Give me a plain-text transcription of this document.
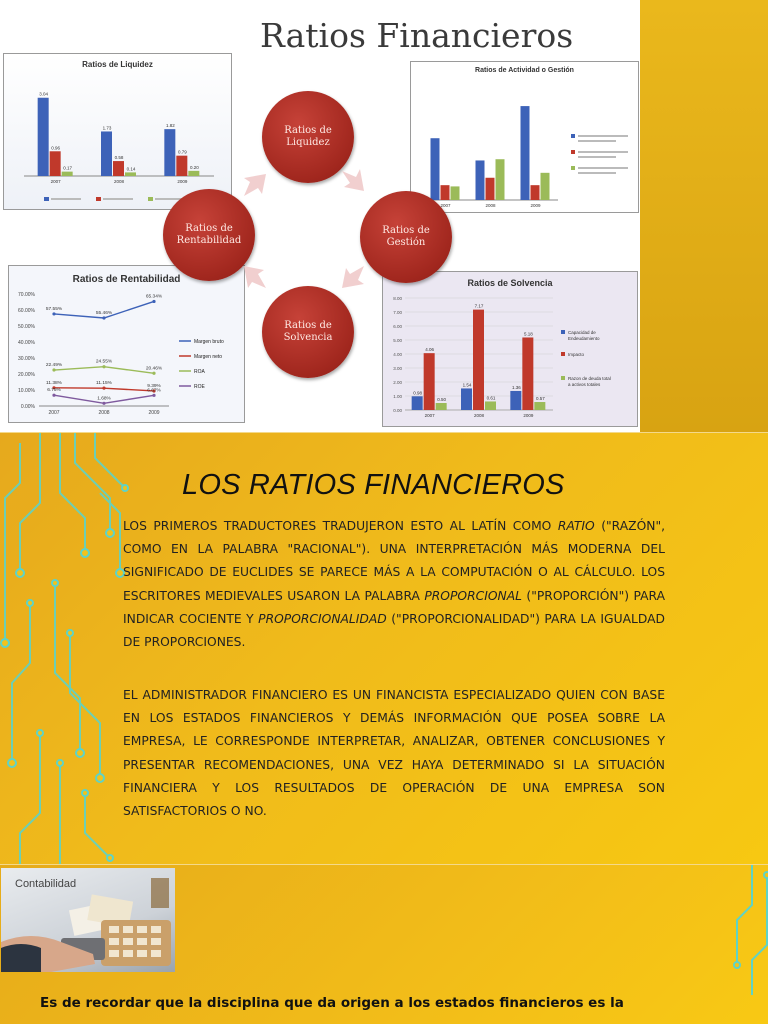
Ratios Financieros
Ratios de Liquidez
3.04
0.96
0.17
2007
1.73
0.58
0.14
2008
1.82
0.79
0.20
2009
Ratios de Actividad o Gestión
2007	2008	2009
Ratios de Rentabilidad
70.00%
60.00%
50.00%
40.00%
30.00%
20.00%
10.00%
0.00%
2007	2008	2009
57.55%
55.46%
65.34%
Margen bruto
11.38%	11.15%
9.39%
Margen neto
22.49%
24.55%
20.46%
ROA
6.75%
1.68%
6.67%
ROE
Ratios de Solvencia
8.00
7.00
6.00
5.00
4.00
3.00
2.00
1.00
0.00
0.98
4.06
0.50
2007
1.54
7.17
0.61
2008
1.36
5.18
0.57
2009
Capacidad de
Endeudamiento
Impacto
Razon de deuda total
a activos totales
Ratios de
Liquidez
Ratios de
Gestión
Ratios de
Solvencia
Ratios de
Rentabilidad
LOS RATIOS FINANCIEROS

LOS PRIMEROS TRADUCTORES TRADUJERON ESTO AL LATÍN COMO RATIO ("RAZÓN", COMO EN LA PALABRA "RACIONAL"). UNA INTERPRETACIÓN MÁS MODERNA DEL SIGNIFICADO DE EUCLIDES SE PARECE MÁS A LA COMPUTACIÓN O AL CÁLCULO. LOS ESCRITORES MEDIEVALES USARON LA PALABRA PROPORCIONAL ("PROPORCIÓN") PARA INDICAR COCIENTE Y PROPORCIONALIDAD ("PROPORCIONALIDAD") PARA LA IGUALDAD DE PROPORCIONES.

EL ADMINISTRADOR FINANCIERO ES UN FINANCISTA ESPECIALIZADO QUIEN CON BASE EN LOS ESTADOS FINANCIEROS Y DEMÁS INFORMACIÓN QUE POSEA SOBRE LA EMPRESA, LE CORRESPONDE INTERPRETAR, ANALIZAR, OBTENER CONCLUSIONES Y PRESENTAR RECOMENDACIONES, UNA VEZ HAYA DETERMINADO SI LA SITUACIÓN FINANCIERA Y LOS RESULTADOS DE OPERACIÓN DE UNA EMPRESA SON SATISFACTORIOS O NO.

Contabilidad

Es de recordar que la disciplina que da origen a los estados financieros es la
